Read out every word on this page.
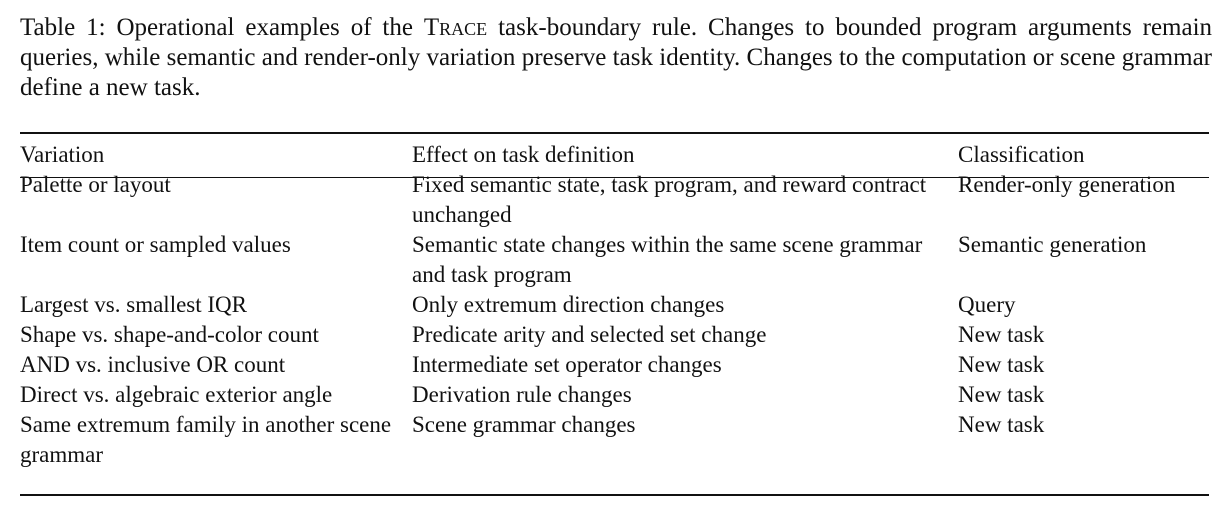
Table 1: Operational examples of the Trace task-boundary rule. Changes to bounded program arguments remain queries, while semantic and render-only variation preserve task identity. Changes to the computation or scene grammar define a new task.

Variation	Effect on task definition	Classification
Palette or layout	Fixed semantic state, task program, and reward contract unchanged	Render-only generation
Item count or sampled values	Semantic state changes within the same scene grammar and task program	Semantic generation
Largest vs. smallest IQR	Only extremum direction changes	Query
Shape vs. shape-and-color count	Predicate arity and selected set change	New task
AND vs. inclusive OR count	Intermediate set operator changes	New task
Direct vs. algebraic exterior angle	Derivation rule changes	New task
Same extremum family in another scene grammar	Scene grammar changes	New task
